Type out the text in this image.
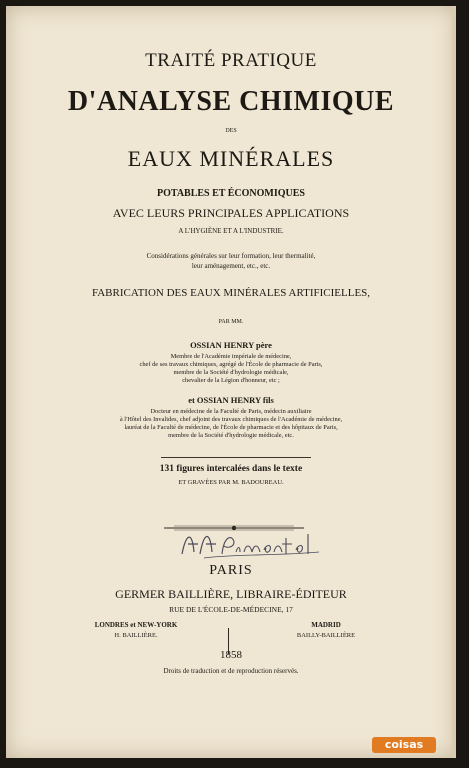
TRAITÉ PRATIQUE
D'ANALYSE CHIMIQUE
DES
EAUX MINÉRALES
POTABLES ET ÉCONOMIQUES
AVEC LEURS PRINCIPALES APPLICATIONS
A L'HYGIÈNE ET A L'INDUSTRIE.
Considérations générales sur leur formation, leur thermalité,
leur aménagement, etc., etc.
FABRICATION DES EAUX MINÉRALES ARTIFICIELLES,
PAR MM.
OSSIAN HENRY père
Membre de l'Académie impériale de médecine,
chef de ses travaux chimiques, agrégé de l'École de pharmacie de Paris,
membre de la Société d'hydrologie médicale,
chevalier de la Légion d'honneur, etc ;
et OSSIAN HENRY fils
Docteur en médecine de la Faculté de Paris, médecin auxiliaire
à l'Hôtel des Invalides, chef adjoint des travaux chimiques de l'Académie de médecine,
lauréat de la Faculté de médecine, de l'École de pharmacie et des hôpitaux de Paris,
membre de la Société d'hydrologie médicale, etc.
131 figures intercalées dans le texte
ET GRAVÉES PAR M. BADOUREAU.
PARIS
GERMER BAILLIÈRE, LIBRAIRE-ÉDITEUR
RUE DE L'ÉCOLE-DE-MÉDECINE, 17
LONDRES et NEW-YORK
H. BAILLIÈRE.
MADRID
BAILLY-BAILLIÈRE
1858
Droits de traduction et de reproduction réservés.
coisas
